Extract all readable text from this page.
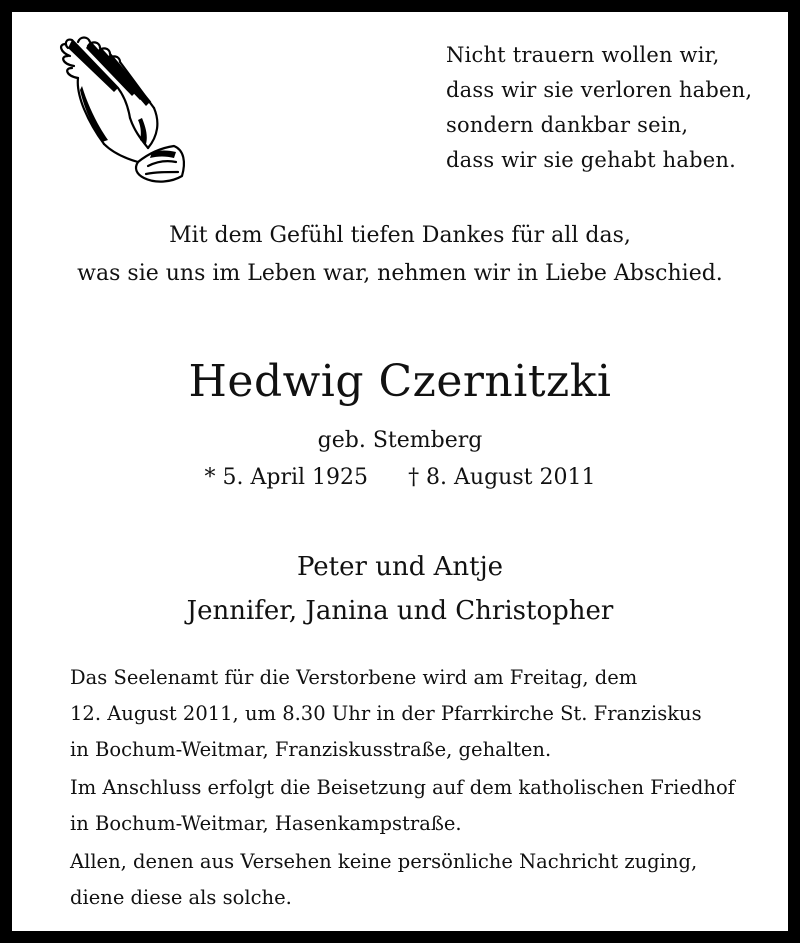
Nicht trauern wollen wir,
dass wir sie verloren haben,
sondern dankbar sein,
dass wir sie gehabt haben.
Mit dem Gefühl tiefen Dankes für all das,
was sie uns im Leben war, nehmen wir in Liebe Abschied.
Hedwig Czernitzki
geb. Stemberg
* 5. April 1925 † 8. August 2011
Peter und Antje
Jennifer, Janina und Christopher

Das Seelenamt für die Verstorbene wird am Freitag, dem

12. August 2011, um 8.30 Uhr in der Pfarrkirche St. Franziskus

in Bochum-Weitmar, Franziskusstraße, gehalten.

Im Anschluss erfolgt die Beisetzung auf dem katholischen Friedhof

in Bochum-Weitmar, Hasenkampstraße.

Allen, denen aus Versehen keine persönliche Nachricht zuging,

diene diese als solche.
